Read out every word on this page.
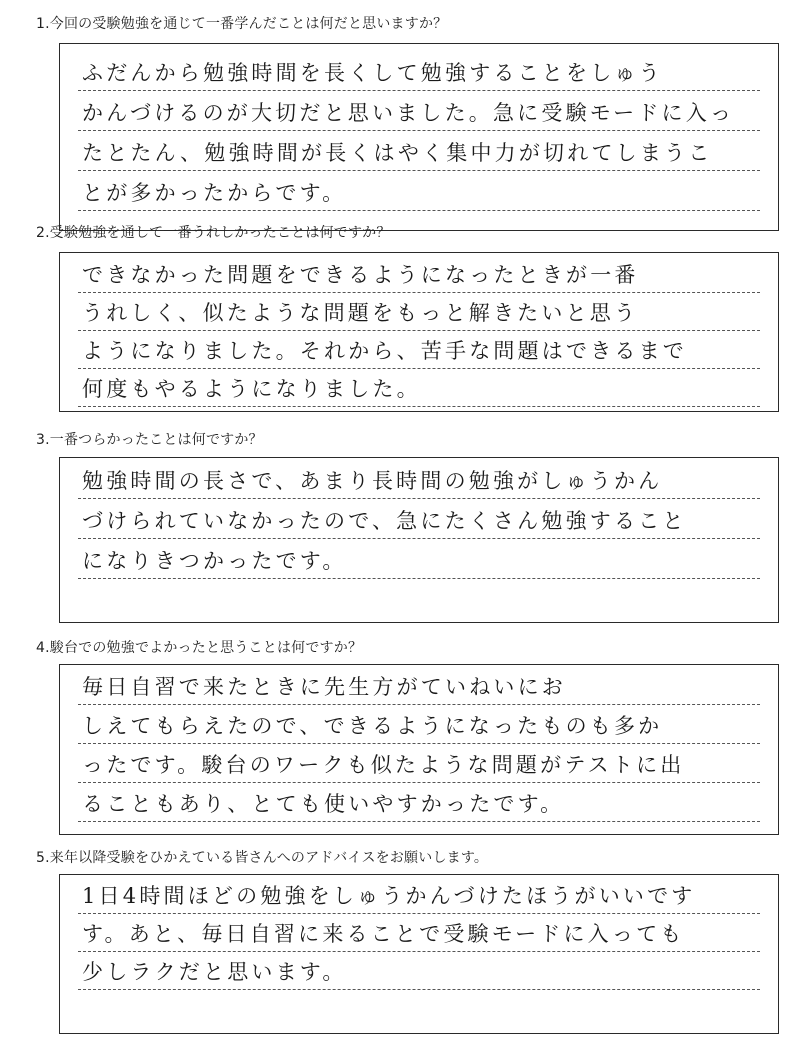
1.今回の受験勉強を通じて一番学んだことは何だと思いますか？
ふだんから勉強時間を長くして勉強することをしゅう
かんづけるのが大切だと思いました。急に受験モードに入っ
たとたん、勉強時間が長くはやく集中力が切れてしまうこ
とが多かったからです。
2.受験勉強を通して一番うれしかったことは何ですか？
できなかった問題をできるようになったときが一番
うれしく、似たような問題をもっと解きたいと思う
ようになりました。それから、苦手な問題はできるまで
何度もやるようになりました。
3.一番つらかったことは何ですか？
勉強時間の長さで、あまり長時間の勉強がしゅうかん
づけられていなかったので、急にたくさん勉強すること
になりきつかったです。
4.駿台での勉強でよかったと思うことは何ですか？
毎日自習で来たときに先生方がていねいにお
しえてもらえたので、できるようになったものも多か
ったです。駿台のワークも似たような問題がテストに出
ることもあり、とても使いやすかったです。
5.来年以降受験をひかえている皆さんへのアドバイスをお願いします。
1日4時間ほどの勉強をしゅうかんづけたほうがいいです
す。あと、毎日自習に来ることで受験モードに入っても
少しラクだと思います。
